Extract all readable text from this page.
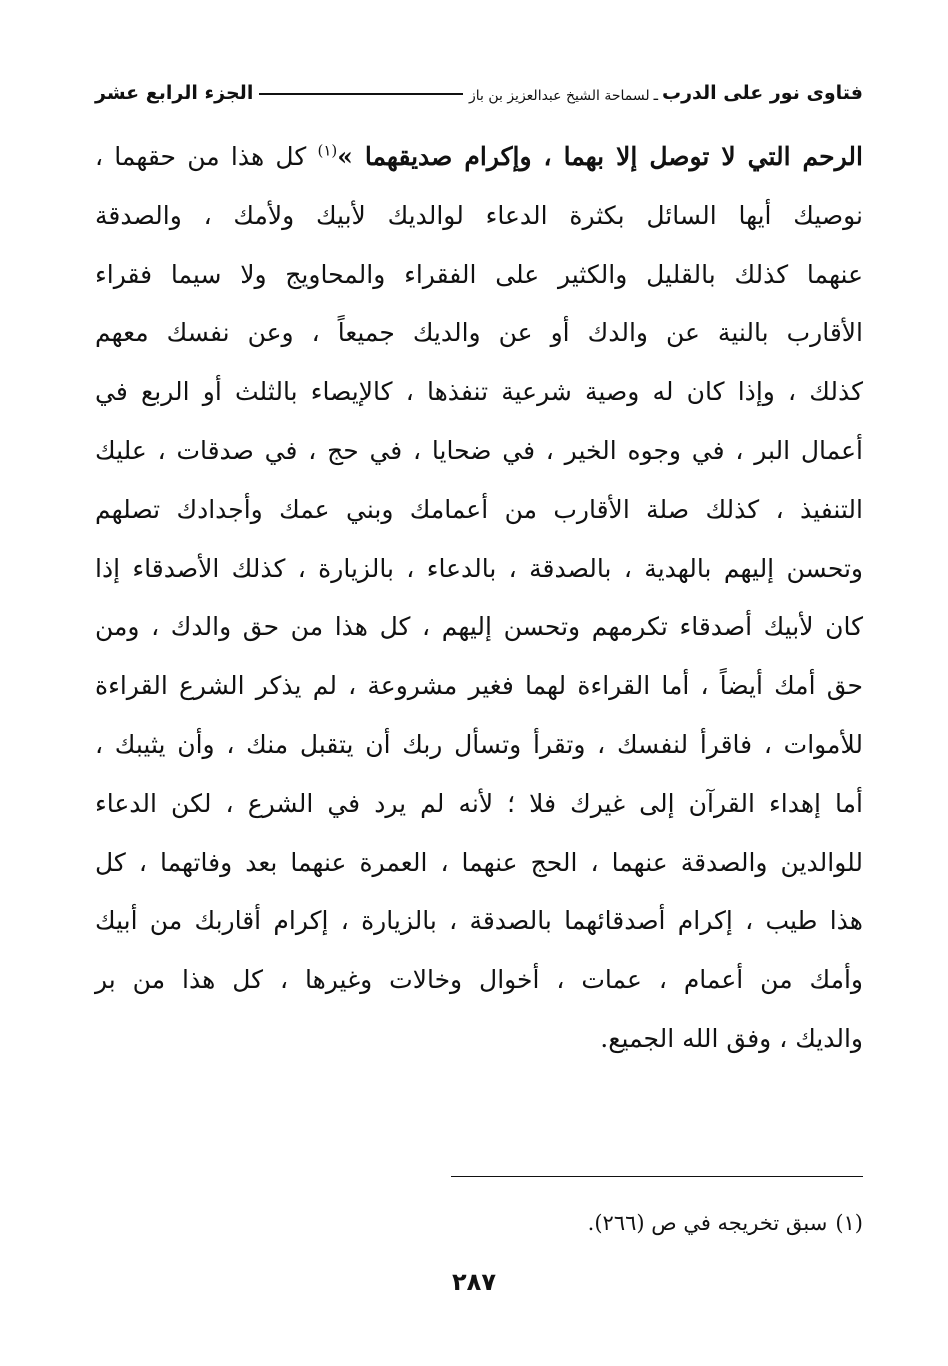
فتاوى نور على الدرب
ـ
لسماحة الشيخ عبدالعزيز بن باز
الجزء الرابع عشر
الرحم التي لا توصل إلا بهما ، وإكرام صديقهما »$^{(١)}$ كل هذا من حقهما ،
نوصيك أيها السائل بكثرة الدعاء لوالديك لأبيك ولأمك ، والصدقة
عنهما كذلك بالقليل والكثير على الفقراء والمحاويج ولا سيما فقراء
الأقارب بالنية عن والدك أو عن والديك جميعاً ، وعن نفسك معهم
كذلك ، وإذا كان له وصية شرعية تنفذها ، كالإيصاء بالثلث أو الربع في
أعمال البر ، في وجوه الخير ، في ضحايا ، في حج ، في صدقات ، عليك
التنفيذ ، كذلك صلة الأقارب من أعمامك وبني عمك وأجدادك تصلهم
وتحسن إليهم بالهدية ، بالصدقة ، بالدعاء ، بالزيارة ، كذلك الأصدقاء إذا
كان لأبيك أصدقاء تكرمهم وتحسن إليهم ، كل هذا من حق والدك ، ومن
حق أمك أيضاً ، أما القراءة لهما فغير مشروعة ، لم يذكر الشرع القراءة
للأموات ، فاقرأ لنفسك ، وتقرأ وتسأل ربك أن يتقبل منك ، وأن يثيبك ،
أما إهداء القرآن إلى غيرك فلا ؛ لأنه لم يرد في الشرع ، لكن الدعاء
للوالدين والصدقة عنهما ، الحج عنهما ، العمرة عنهما بعد وفاتهما ، كل
هذا طيب ، إكرام أصدقائهما بالصدقة ، بالزيارة ، إكرام أقاربك من أبيك
وأمك من أعمام ، عمات ، أخوال وخالات وغيرها ، كل هذا من بر
والديك ، وفق الله الجميع.
(١)سبق تخريجه في ص (٢٦٦).
٢٨٧
